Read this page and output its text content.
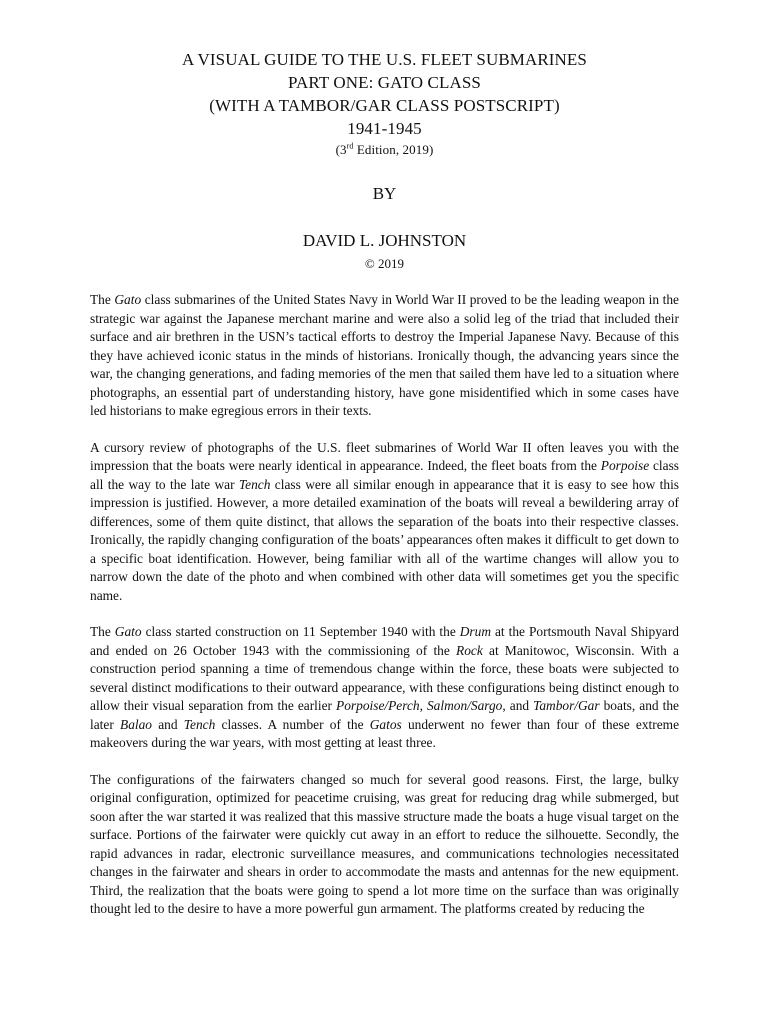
A VISUAL GUIDE TO THE U.S. FLEET SUBMARINES
PART ONE: GATO CLASS
(WITH A TAMBOR/GAR CLASS POSTSCRIPT)
1941-1945
(3rd Edition, 2019)
BY
DAVID L. JOHNSTON
© 2019

The Gato class submarines of the United States Navy in World War II proved to be the leading weapon in the strategic war against the Japanese merchant marine and were also a solid leg of the triad that included their surface and air brethren in the USN’s tactical efforts to destroy the Imperial Japanese Navy. Because of this they have achieved iconic status in the minds of historians. Ironically though, the advancing years since the war, the changing generations, and fading memories of the men that sailed them have led to a situation where photographs, an essential part of understanding history, have gone misidentified which in some cases have led historians to make egregious errors in their texts.

A cursory review of photographs of the U.S. fleet submarines of World War II often leaves you with the impression that the boats were nearly identical in appearance. Indeed, the fleet boats from the Porpoise class all the way to the late war Tench class were all similar enough in appearance that it is easy to see how this impression is justified. However, a more detailed examination of the boats will reveal a bewildering array of differences, some of them quite distinct, that allows the separation of the boats into their respective classes. Ironically, the rapidly changing configuration of the boats’ appearances often makes it difficult to get down to a specific boat identification. However, being familiar with all of the wartime changes will allow you to narrow down the date of the photo and when combined with other data will sometimes get you the specific name.

The Gato class started construction on 11 September 1940 with the Drum at the Portsmouth Naval Shipyard and ended on 26 October 1943 with the commissioning of the Rock at Manitowoc, Wisconsin. With a construction period spanning a time of tremendous change within the force, these boats were subjected to several distinct modifications to their outward appearance, with these configurations being distinct enough to allow their visual separation from the earlier Porpoise/Perch, Salmon/Sargo, and Tambor/Gar boats, and the later Balao and Tench classes. A number of the Gatos underwent no fewer than four of these extreme makeovers during the war years, with most getting at least three.

The configurations of the fairwaters changed so much for several good reasons. First, the large, bulky original configuration, optimized for peacetime cruising, was great for reducing drag while submerged, but soon after the war started it was realized that this massive structure made the boats a huge visual target on the surface. Portions of the fairwater were quickly cut away in an effort to reduce the silhouette. Secondly, the rapid advances in radar, electronic surveillance measures, and communications technologies necessitated changes in the fairwater and shears in order to accommodate the masts and antennas for the new equipment. Third, the realization that the boats were going to spend a lot more time on the surface than was originally thought led to the desire to have a more powerful gun armament. The platforms created by reducing the
